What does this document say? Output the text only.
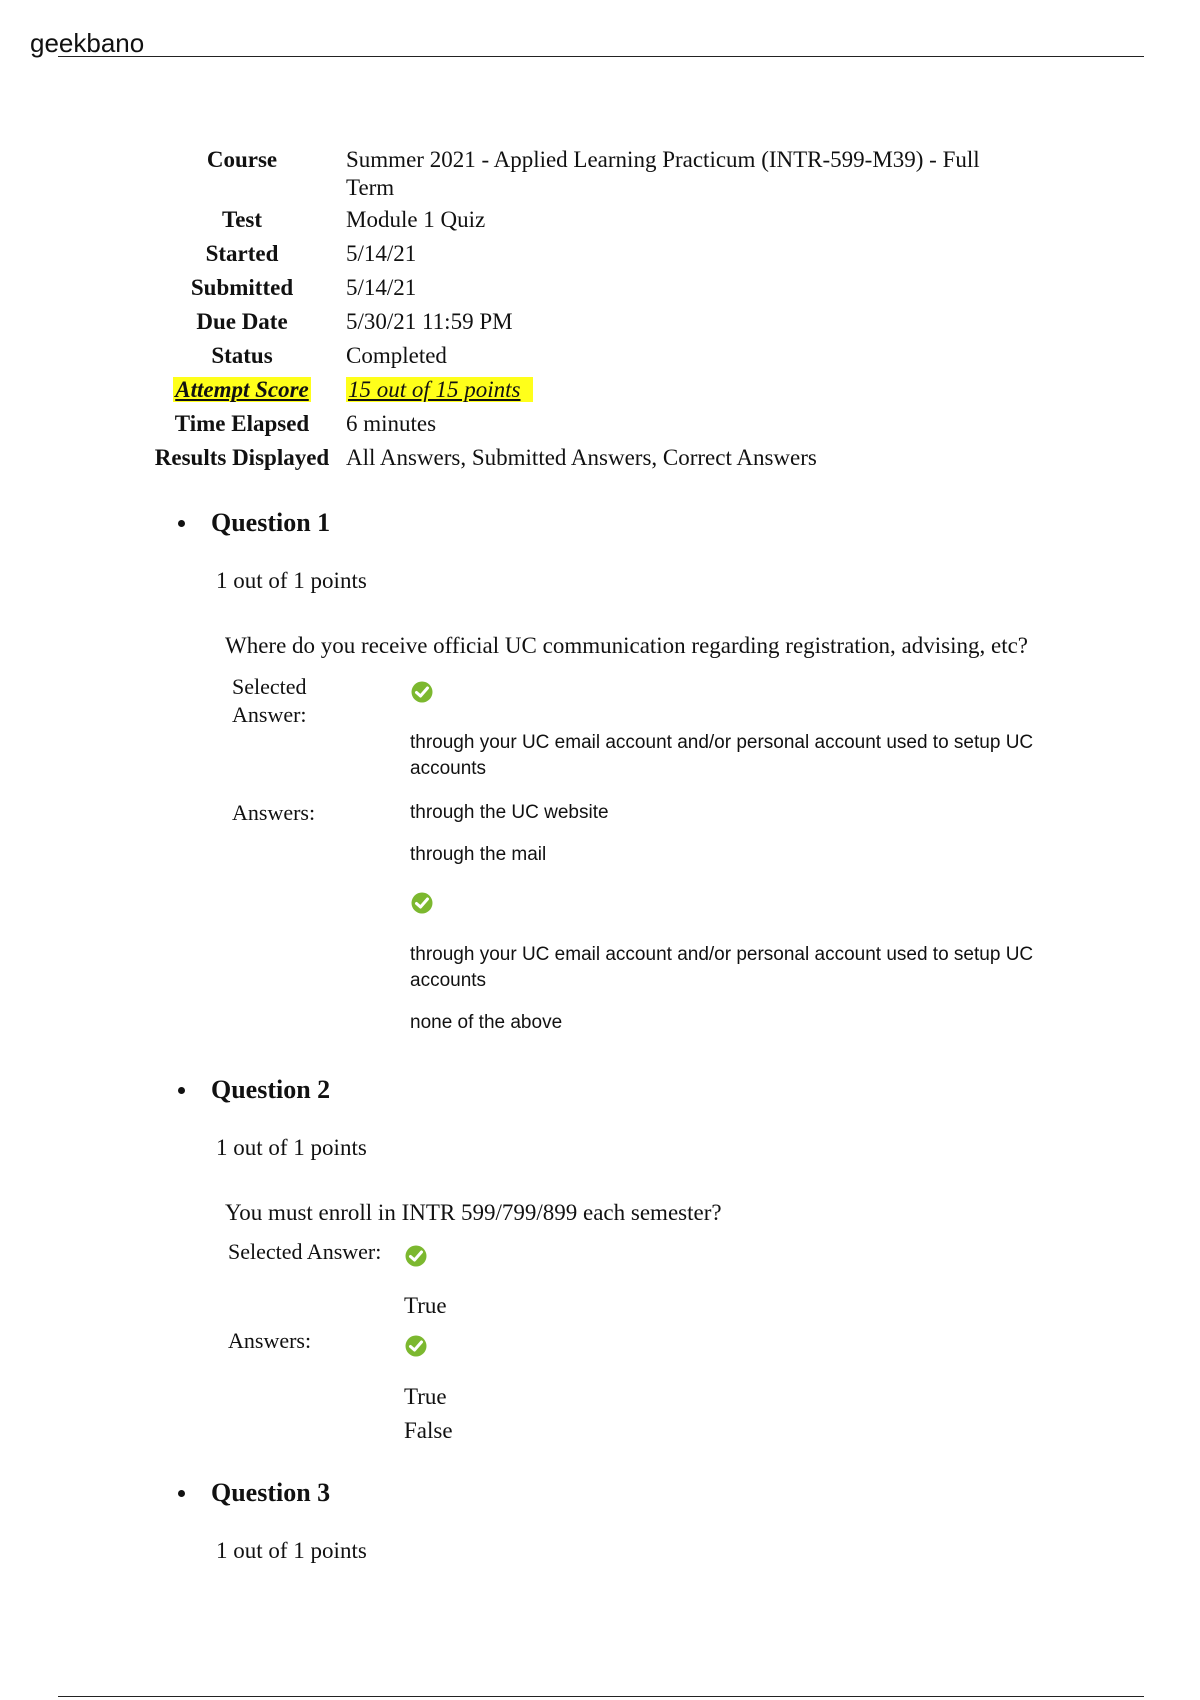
geekbano
Course	Summer 2021 - Applied Learning Practicum (INTR-599-M39) - Full
Term
Test	Module 1 Quiz
Started	5/14/21
Submitted	5/14/21
Due Date	5/30/21 11:59 PM
Status	Completed
Attempt Score	15 out of 15 points
Time Elapsed	6 minutes
Results Displayed	All Answers, Submitted Answers, Correct Answers
Question 1
1 out of 1 points
Where do you receive official UC communication regarding registration, advising, etc?
Selected
Answer:
through your UC email account and/or personal account used to setup UC accounts
Answers:	through the UC website
through the mail
through your UC email account and/or personal account used to setup UC accounts
none of the above
Question 2
1 out of 1 points
You must enroll in INTR 599/799/899 each semester?
Selected Answer:
True
Answers:
True
False
Question 3
1 out of 1 points
